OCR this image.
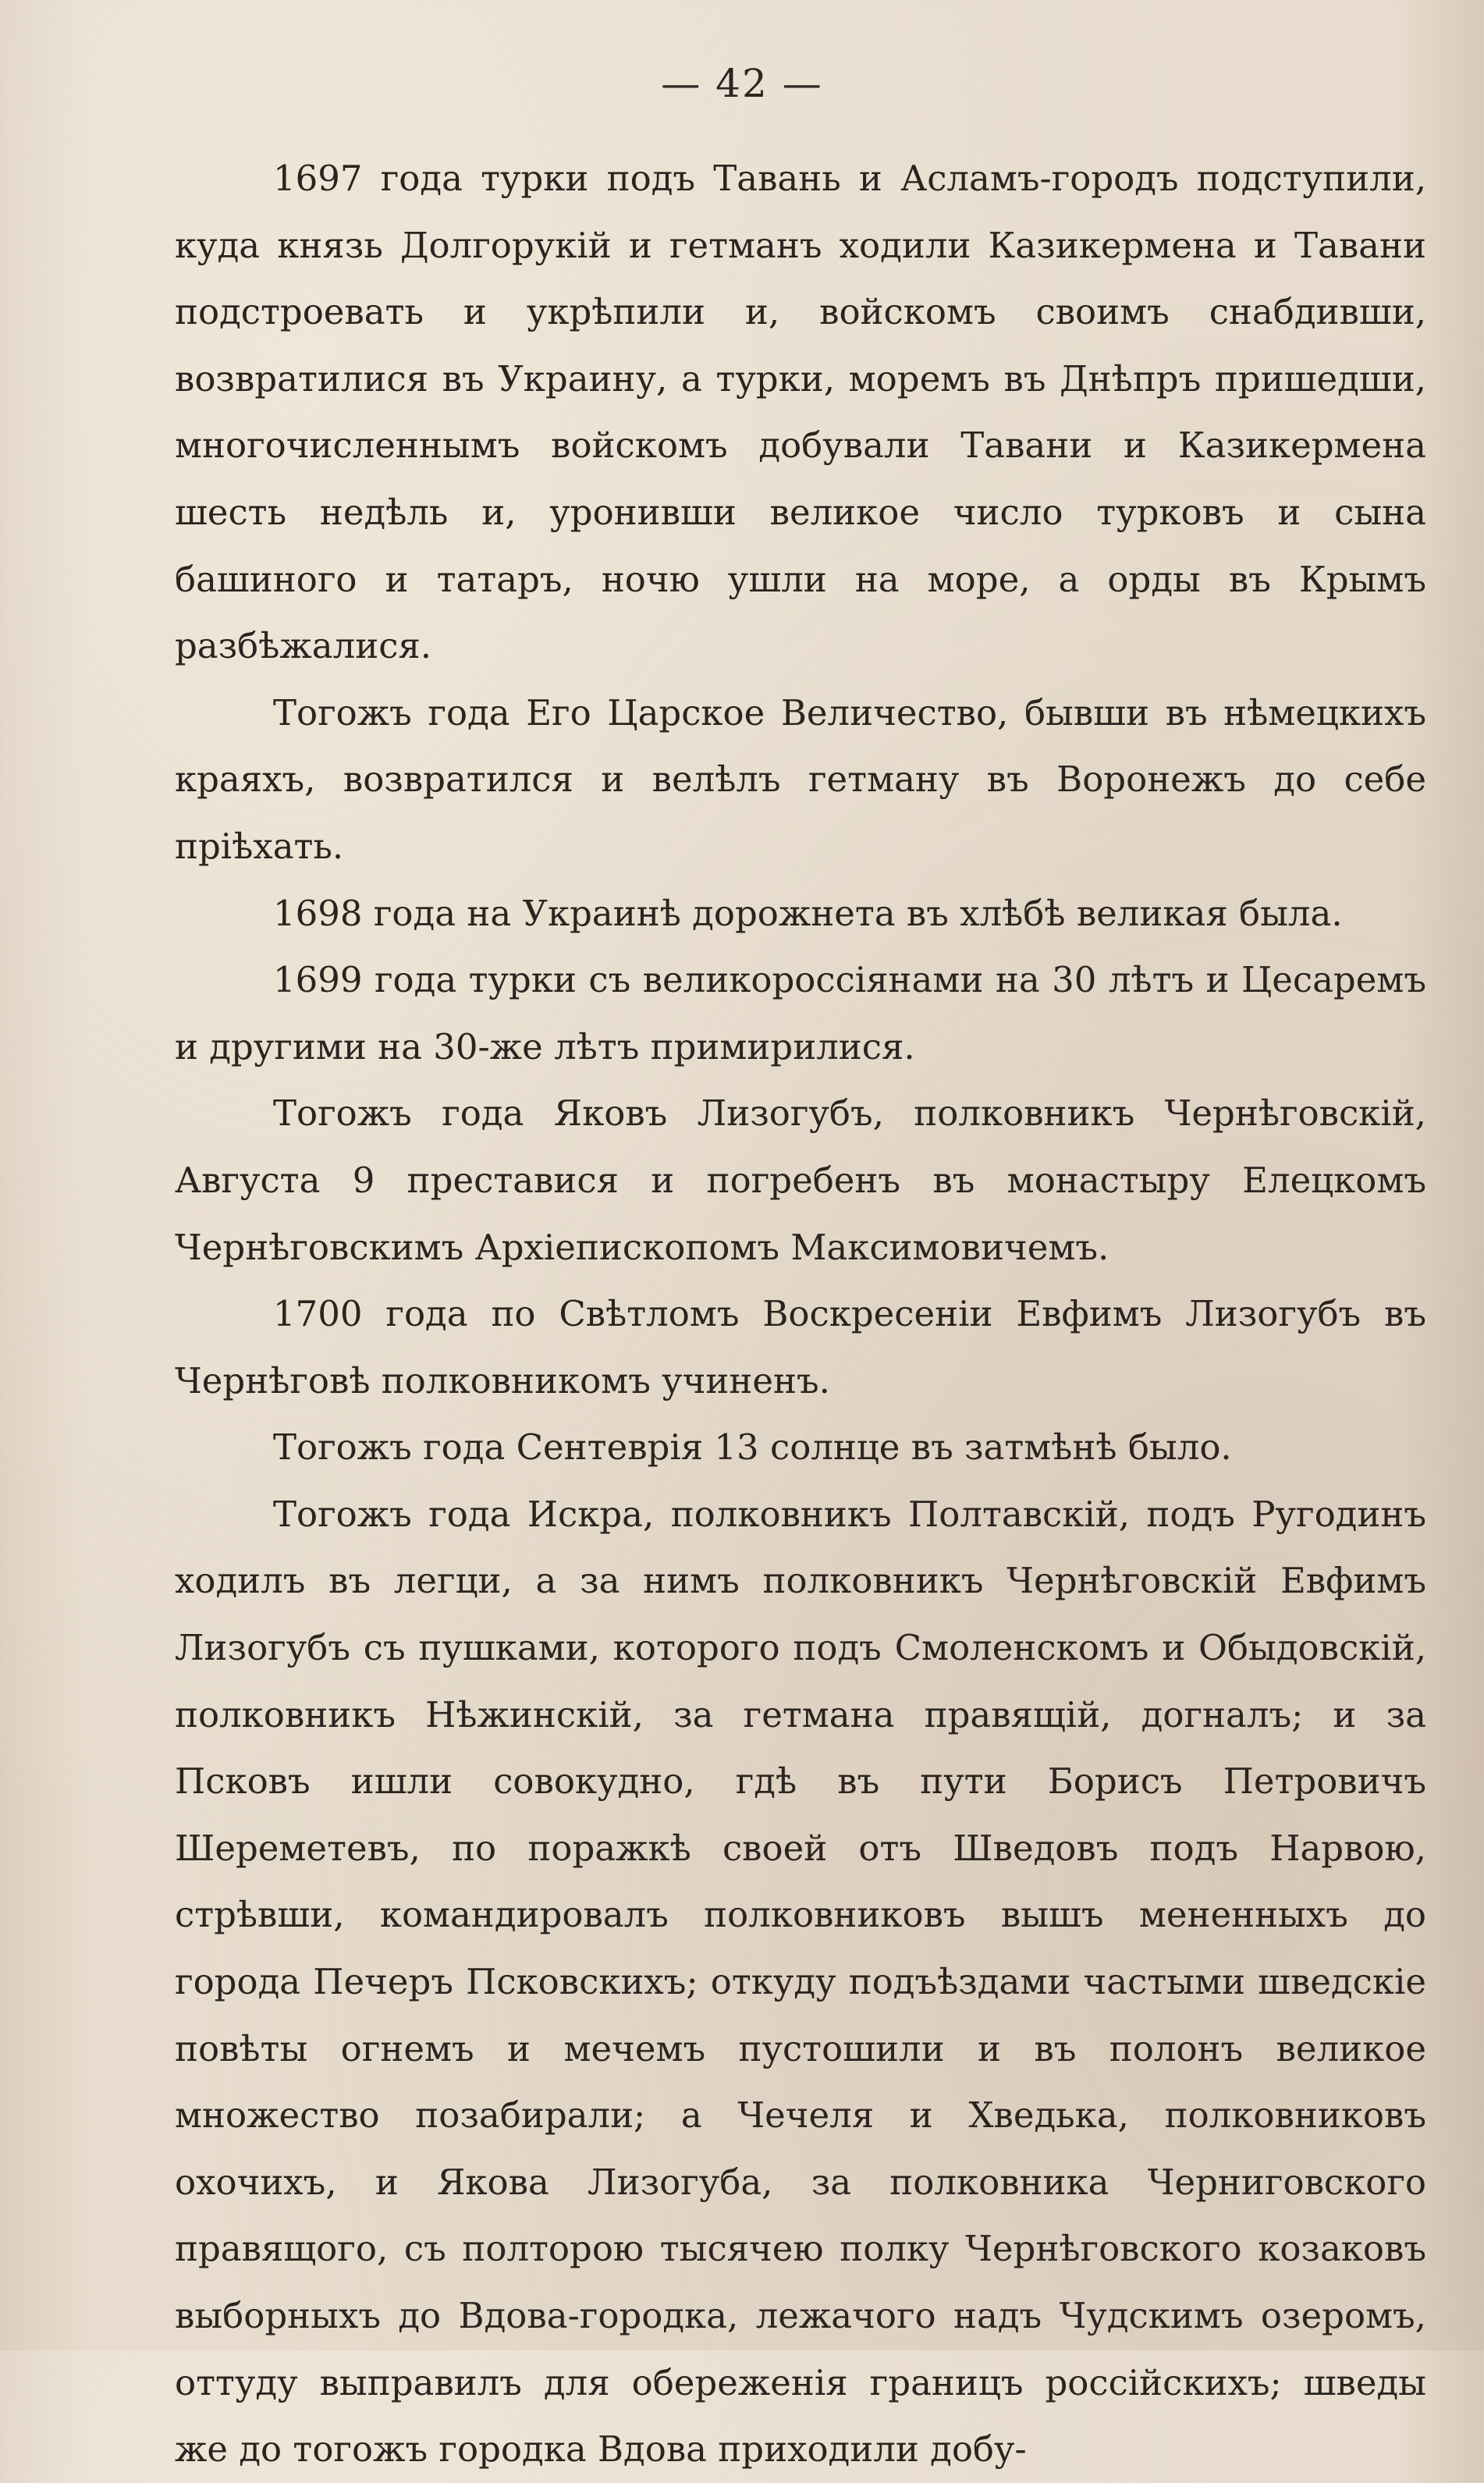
— 42 —

1697 года турки подъ Тавань и Асламъ-городъ подступили, куда князь Долгорукій и гетманъ ходили Казикермена и Тавани подстроевать и укрѣпили и, войскомъ своимъ снабдивши, возвратилися въ Украину, а турки, моремъ въ Днѣпръ пришедши, многочисленнымъ войскомъ добували Тавани и Казикермена шесть недѣль и, уронивши великое число турковъ и сына башиного и татаръ, ночю ушли на море, а орды въ Крымъ разбѣжалися.

Тогожъ года Его Царское Величество, бывши въ нѣмецкихъ краяхъ, возвратился и велѣлъ гетману въ Воронежъ до себе пріѣхать.

1698 года на Украинѣ дорожнета въ хлѣбѣ великая была.

1699 года турки съ великороссіянами на 30 лѣтъ и Цесаремъ и другими на 30-же лѣтъ примирилися.

Тогожъ года Яковъ Лизогубъ, полковникъ Чернѣговскій, Августа 9 преставися и погребенъ въ монастыру Елецкомъ Чернѣговскимъ Архіепископомъ Максимовичемъ.

1700 года по Свѣтломъ Воскресеніи Евфимъ Лизогубъ въ Чернѣговѣ полковникомъ учиненъ.

Тогожъ года Сентеврія 13 солнце въ затмѣнѣ было.

Тогожъ года Искра, полковникъ Полтавскій, подъ Ругодинъ ходилъ въ легци, а за нимъ полковникъ Чернѣговскій Евфимъ Лизогубъ съ пушками, которого подъ Смоленскомъ и Обыдовскій, полковникъ Нѣжинскій, за гетмана правящій, догналъ; и за Псковъ ишли совокудно, гдѣ въ пути Борисъ Петровичъ Шереметевъ, по поражкѣ своей отъ Шведовъ подъ Нарвою, стрѣвши, командировалъ полковниковъ вышъ мененныхъ до города Печеръ Псковскихъ; откуду подъѣздами частыми шведскіе повѣты огнемъ и мечемъ пустошили и въ полонъ великое множество позабирали; а Чечеля и Хведька, полковниковъ охочихъ, и Якова Лизогуба, за полковника Черниговского правящого, съ полторою тысячею полку Чернѣговского козаковъ выборныхъ до Вдова-городка, лежачого надъ Чудскимъ озеромъ, оттуду выправилъ для обереженія границъ россійскихъ; шведы же до тогожъ городка Вдова приходили добу-
